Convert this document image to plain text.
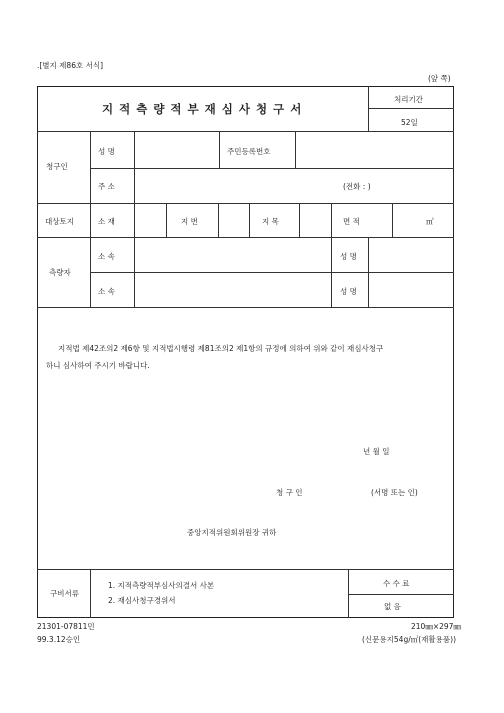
.[별지 제86호 서식]
(앞 쪽)
지적측량적부재심사청구서
처리기간
52일
청구인
성 명	주민등록번호
주 소	(전화 : )
대상토지	소 재	지 번	지 목	면 적	㎡
측량자
소 속	성 명
소 속	성 명
지적법 제42조의2 제6항 및 지적법시행령 제81조의2 제1항의 규정에 의하여 위와 같이 재심사청구
하니 심사하여 주시기 바랍니다.
년 월 일
청 구 인	(서명 또는 인)
중앙지적위원회위원장 귀하
구비서류
1. 지적측량적부심사의결서 사본
2. 재심사청구경위서
수 수 료
없 음
21301-07811민
99.3.12승인
210㎜×297㎜
(신문용지54g/㎡(재활용품))
